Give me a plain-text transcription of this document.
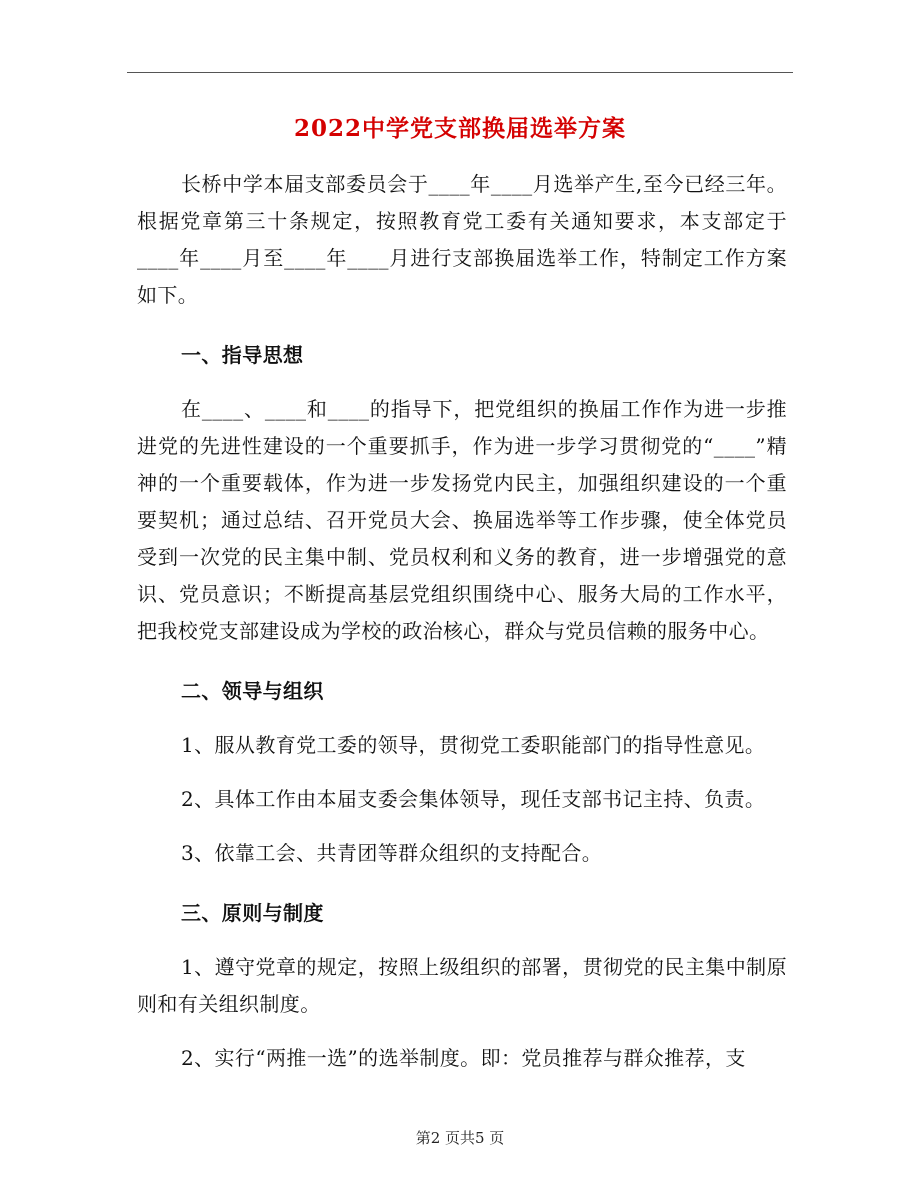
2022中学党支部换届选举方案

长桥中学本届支部委员会于____年____月选举产生,至今已经三年。根据党章第三十条规定，按照教育党工委有关通知要求，本支部定于____年____月至____年____月进行支部换届选举工作，特制定工作方案如下。

一、指导思想

在____、____和____的指导下，把党组织的换届工作作为进一步推进党的先进性建设的一个重要抓手，作为进一步学习贯彻党的“____”精神的一个重要载体，作为进一步发扬党内民主，加强组织建设的一个重要契机；通过总结、召开党员大会、换届选举等工作步骤，使全体党员受到一次党的民主集中制、党员权利和义务的教育，进一步增强党的意识、党员意识；不断提高基层党组织围绕中心、服务大局的工作水平，把我校党支部建设成为学校的政治核心，群众与党员信赖的服务中心。

二、领导与组织

1、服从教育党工委的领导，贯彻党工委职能部门的指导性意见。

2、具体工作由本届支委会集体领导，现任支部书记主持、负责。

3、依靠工会、共青团等群众组织的支持配合。

三、原则与制度

1、遵守党章的规定，按照上级组织的部署，贯彻党的民主集中制原则和有关组织制度。

2、实行“两推一选”的选举制度。即：党员推荐与群众推荐，支

第2 页共5 页
